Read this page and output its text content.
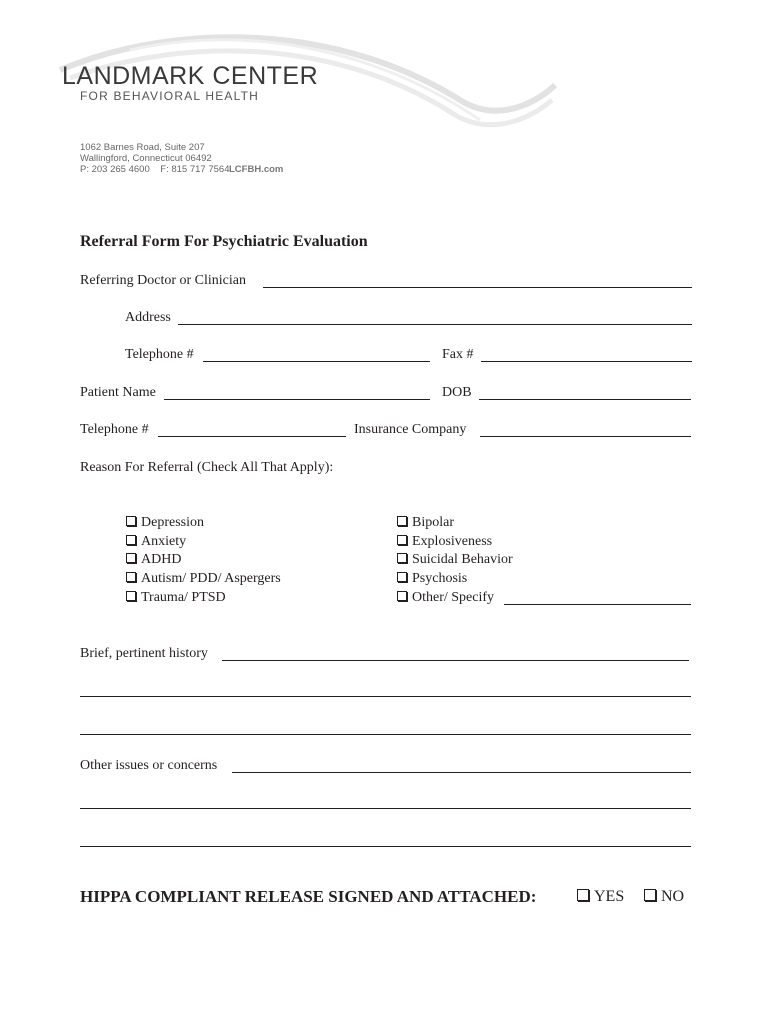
LANDMARK CENTER
FOR BEHAVIORAL HEALTH
1062 Barnes Road, Suite 207
Wallingford, Connecticut 06492
P: 203 265 4600    F: 815 717 7564 LCFBH.com
Referral Form For Psychiatric Evaluation
Referring Doctor or Clinician
Address
Telephone #	Fax #
Patient Name	DOB
Telephone #	Insurance Company
Reason For Referral (Check All That Apply):
Depression
Anxiety
ADHD
Autism/ PDD/ Aspergers
Trauma/ PTSD
Bipolar
Explosiveness
Suicidal Behavior
Psychosis
Other/ Specify
Brief, pertinent history
Other issues or concerns
HIPPA COMPLIANT RELEASE SIGNED AND ATTACHED:	YES	NO
